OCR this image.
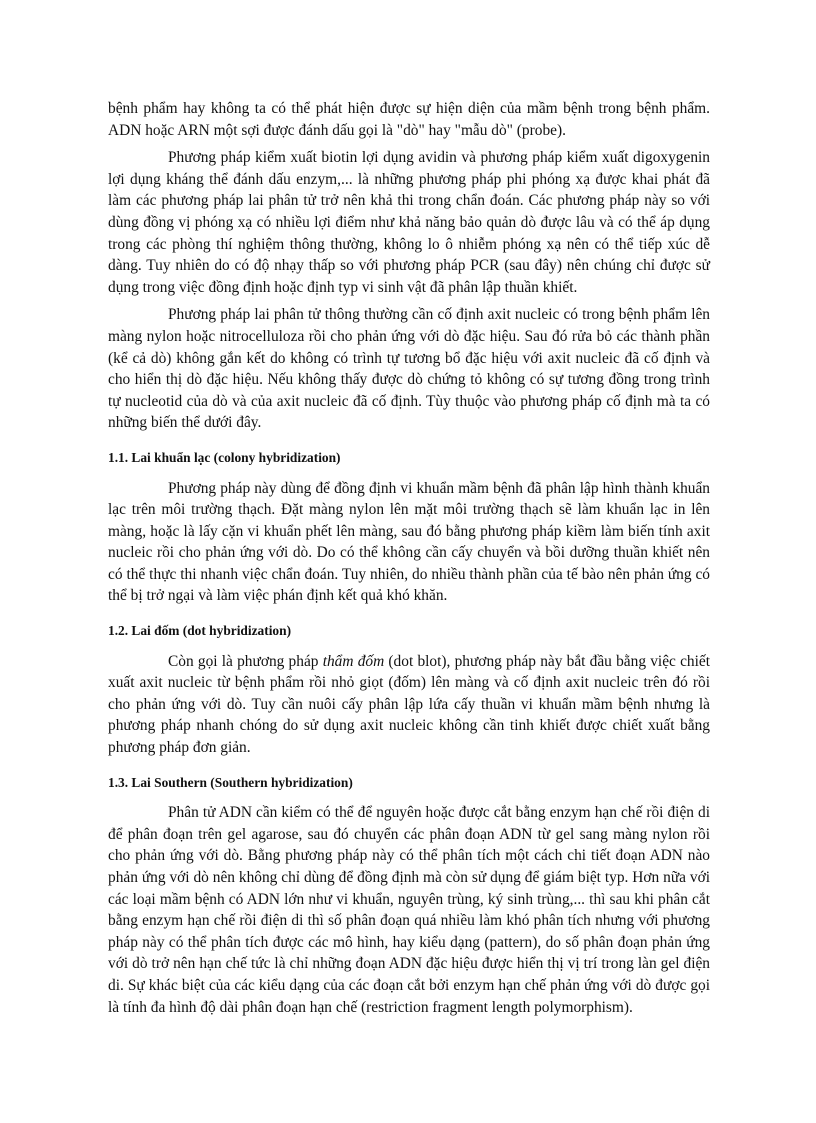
bệnh phẩm hay không ta có thể phát hiện được sự hiện diện của mầm bệnh trong bệnh phẩm. ADN hoặc ARN một sợi được đánh dấu gọi là "dò" hay "mẫu dò" (probe).

Phương pháp kiểm xuất biotin lợi dụng avidin và phương pháp kiểm xuất digoxygenin lợi dụng kháng thể đánh dấu enzym,... là những phương pháp phi phóng xạ được khai phát đã làm các phương pháp lai phân tử trở nên khả thi trong chẩn đoán. Các phương pháp này so với dùng đồng vị phóng xạ có nhiều lợi điểm như khả năng bảo quản dò được lâu và có thể áp dụng trong các phòng thí nghiệm thông thường, không lo ô nhiễm phóng xạ nên có thể tiếp xúc dễ dàng. Tuy nhiên do có độ nhạy thấp so với phương pháp PCR (sau đây) nên chúng chỉ được sử dụng trong việc đồng định hoặc định typ vi sinh vật đã phân lập thuần khiết.

Phương pháp lai phân tử thông thường cần cố định axit nucleic có trong bệnh phẩm lên màng nylon hoặc nitrocelluloza rồi cho phản ứng với dò đặc hiệu. Sau đó rửa bỏ các thành phần (kể cả dò) không gắn kết do không có trình tự tương bổ đặc hiệu với axit nucleic đã cố định và cho hiển thị dò đặc hiệu. Nếu không thấy được dò chứng tỏ không có sự tương đồng trong trình tự nucleotid của dò và của axit nucleic đã cố định. Tùy thuộc vào phương pháp cố định mà ta có những biến thể dưới đây.

1.1. Lai khuẩn lạc (colony hybridization)

Phương pháp này dùng để đồng định vi khuẩn mầm bệnh đã phân lập hình thành khuẩn lạc trên môi trường thạch. Đặt màng nylon lên mặt môi trường thạch sẽ làm khuẩn lạc in lên màng, hoặc là lấy cặn vi khuẩn phết lên màng, sau đó bằng phương pháp kiềm làm biến tính axit nucleic rồi cho phản ứng với dò. Do có thể không cần cấy chuyển và bồi dưỡng thuần khiết nên có thể thực thi nhanh việc chẩn đoán. Tuy nhiên, do nhiều thành phần của tế bào nên phản ứng có thể bị trở ngại và làm việc phán định kết quả khó khăn.

1.2. Lai đốm (dot hybridization)

Còn gọi là phương pháp thẩm đốm (dot blot), phương pháp này bắt đầu bằng việc chiết xuất axit nucleic từ bệnh phẩm rồi nhỏ giọt (đốm) lên màng và cố định axit nucleic trên đó rồi cho phản ứng với dò. Tuy cần nuôi cấy phân lập lứa cấy thuần vi khuẩn mầm bệnh nhưng là phương pháp nhanh chóng do sử dụng axit nucleic không cần tinh khiết được chiết xuất bằng phương pháp đơn giản.

1.3. Lai Southern (Southern hybridization)

Phân tử ADN cần kiểm có thể để nguyên hoặc được cắt bằng enzym hạn chế rồi điện di để phân đoạn trên gel agarose, sau đó chuyển các phân đoạn ADN từ gel sang màng nylon rồi cho phản ứng với dò. Bằng phương pháp này có thể phân tích một cách chi tiết đoạn ADN nào phản ứng với dò nên không chỉ dùng để đồng định mà còn sử dụng để giám biệt typ. Hơn nữa với các loại mầm bệnh có ADN lớn như vi khuẩn, nguyên trùng, ký sinh trùng,... thì sau khi phân cắt bằng enzym hạn chế rồi điện di thì số phân đoạn quá nhiều làm khó phân tích nhưng với phương pháp này có thể phân tích được các mô hình, hay kiểu dạng (pattern), do số phân đoạn phản ứng với dò trở nên hạn chế tức là chỉ những đoạn ADN đặc hiệu được hiển thị vị trí trong làn gel điện di. Sự khác biệt của các kiểu dạng của các đoạn cắt bởi enzym hạn chế phản ứng với dò được gọi là tính đa hình độ dài phân đoạn hạn chế (restriction fragment length polymorphism).
